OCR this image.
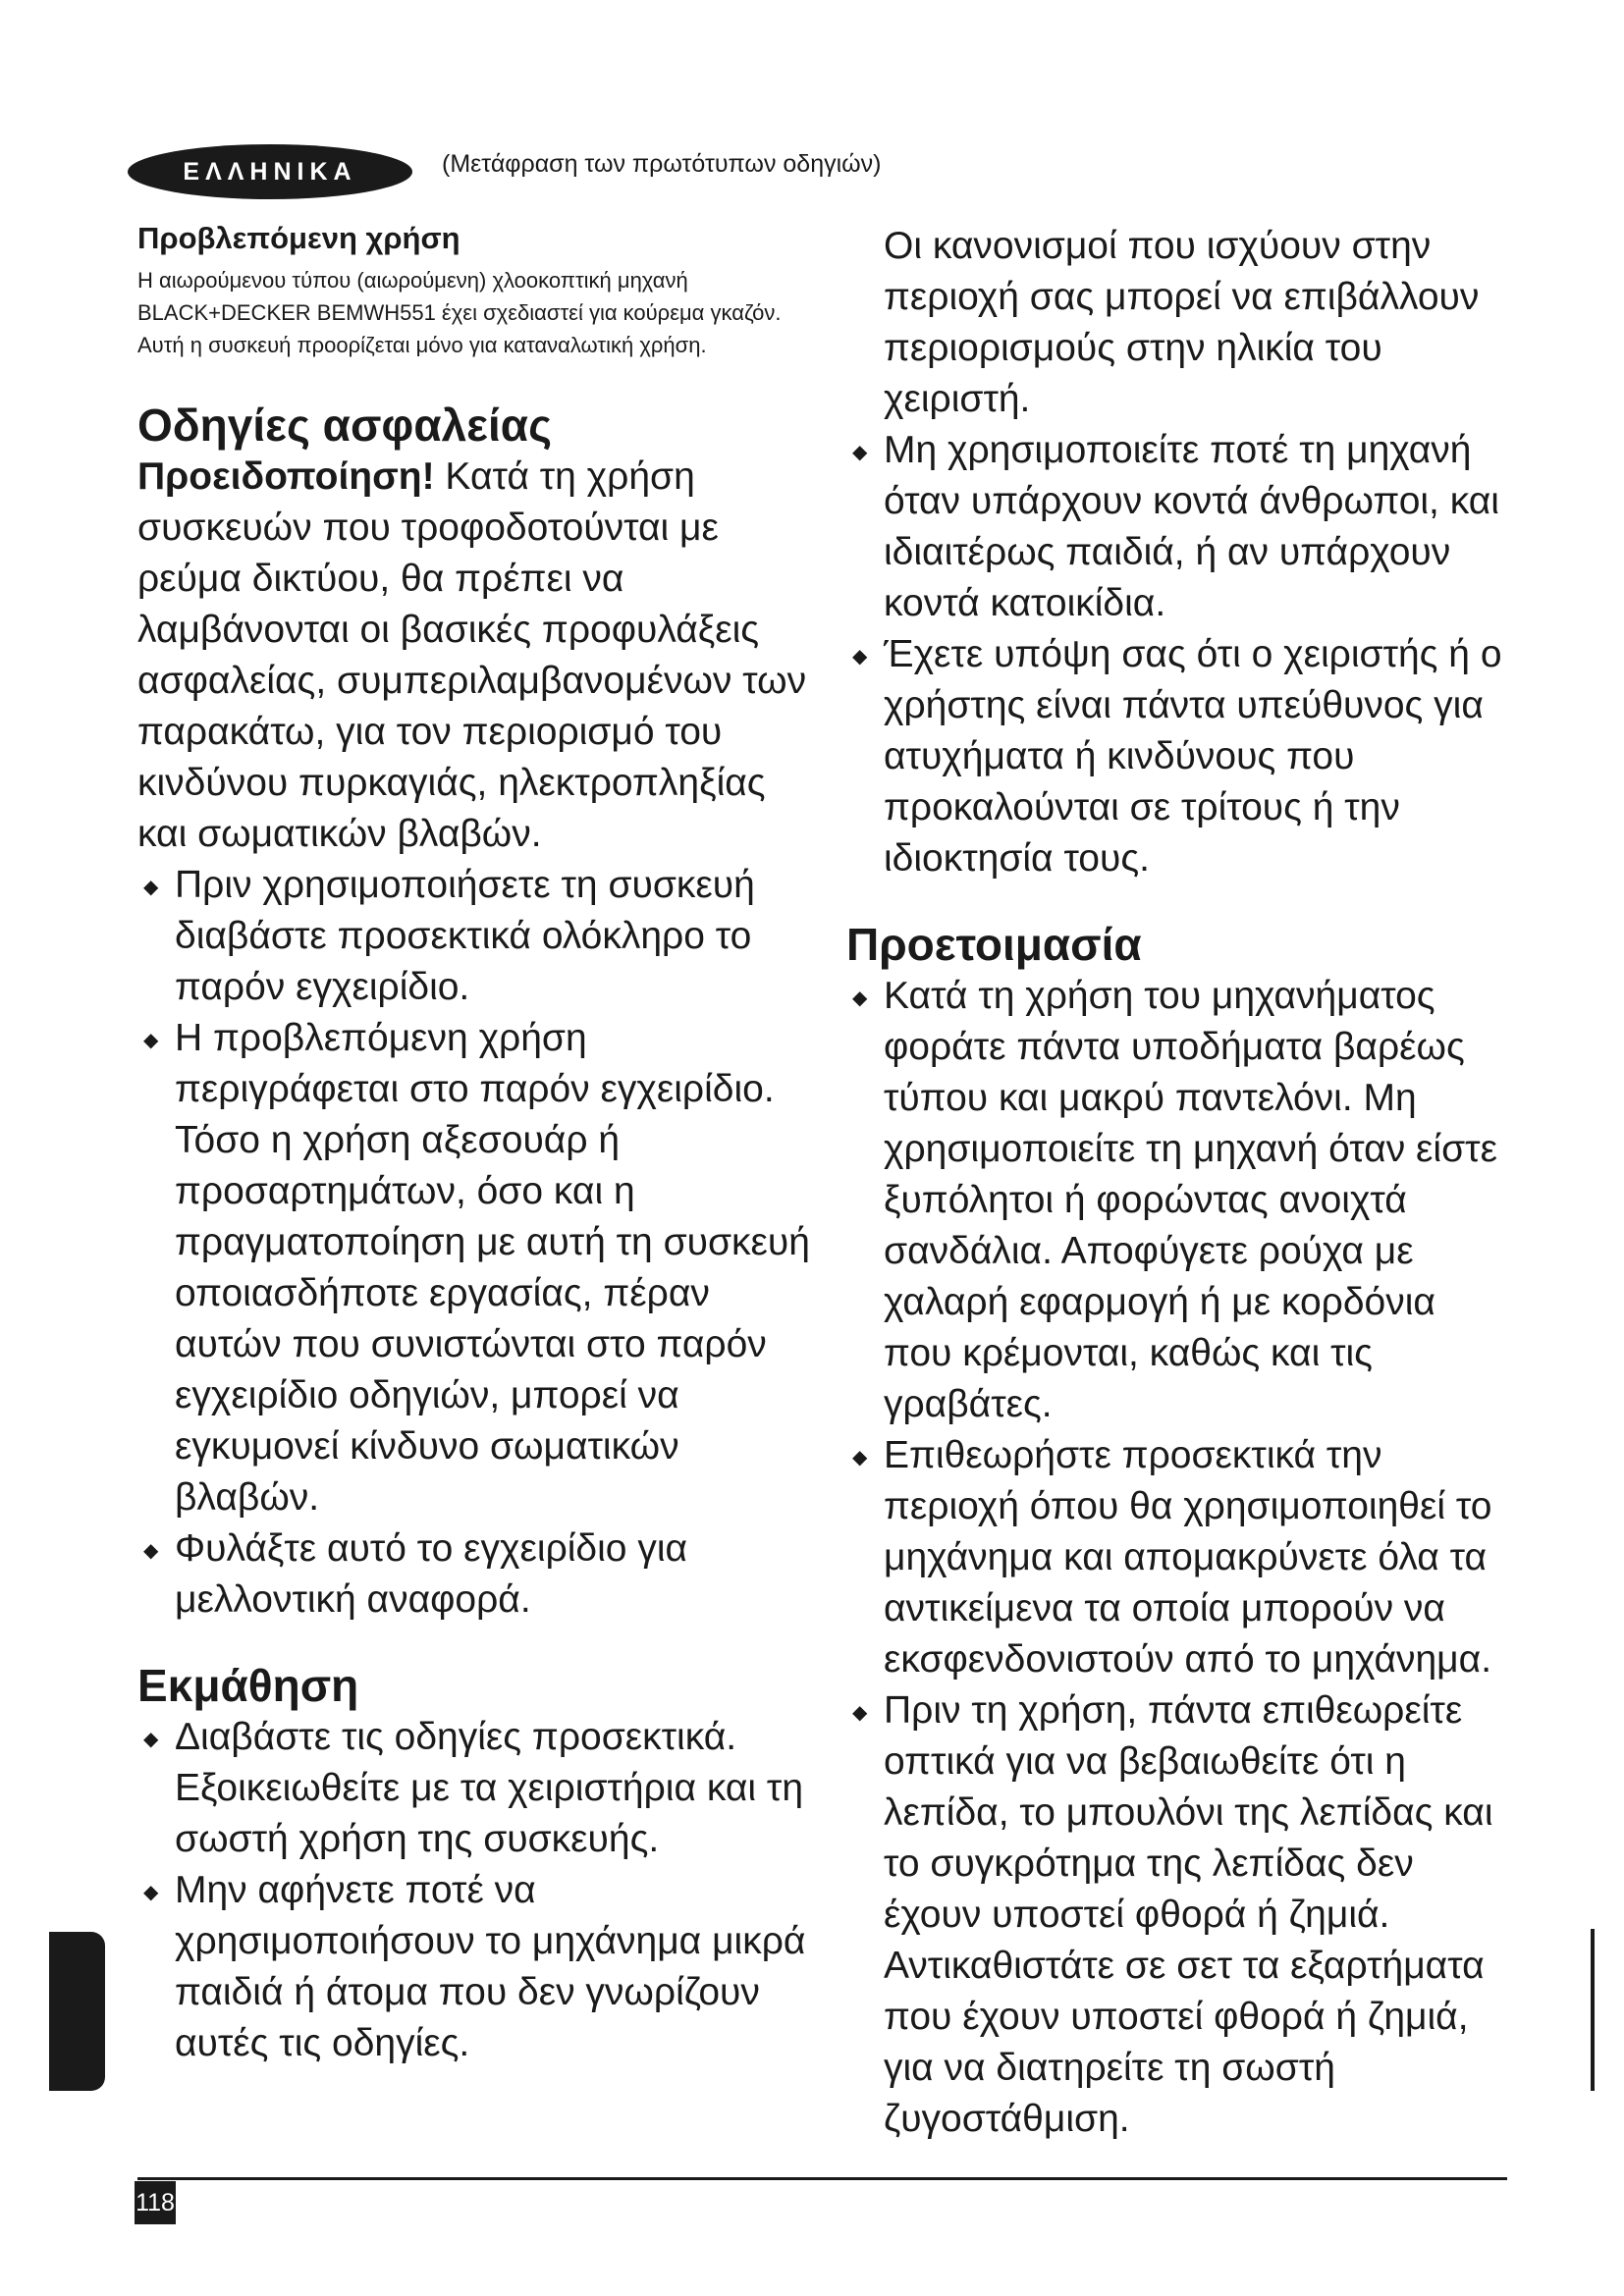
ΕΛΛΗΝΙΚΑ	(Μετάφραση των πρωτότυπων οδηγιών)
Προβλεπόμενη χρήση

Η αιωρούμενου τύπου (αιωρούμενη) χλοοκοπτική μηχανή BLACK+DECKER BEMWH551 έχει σχεδιαστεί για κούρεμα γκαζόν. Αυτή η συσκευή προορίζεται μόνο για καταναλωτική χρήση.

Οδηγίες ασφαλείας

Προειδοποίηση! Κατά τη χρήση συσκευών που τροφοδοτούνται με ρεύμα δικτύου, θα πρέπει να λαμβάνονται οι βασικές προφυλάξεις ασφαλείας, συμπεριλαμβανομένων των παρακάτω, για τον περιορισμό του κινδύνου πυρκαγιάς, ηλεκτροπληξίας και σωματικών βλαβών.

◆ Πριν χρησιμοποιήσετε τη συσκευή διαβάστε προσεκτικά ολόκληρο το παρόν εγχειρίδιο.
◆ Η προβλεπόμενη χρήση περιγράφεται στο παρόν εγχειρίδιο. Τόσο η χρήση αξεσουάρ ή προσαρτημάτων, όσο και η πραγματοποίηση με αυτή τη συσκευή οποιασδήποτε εργασίας, πέραν αυτών που συνιστώνται στο παρόν εγχειρίδιο οδηγιών, μπορεί να εγκυμονεί κίνδυνο σωματικών βλαβών.
◆ Φυλάξτε αυτό το εγχειρίδιο για μελλοντική αναφορά.
Εκμάθηση
◆ Διαβάστε τις οδηγίες προσεκτικά. Εξοικειωθείτε με τα χειριστήρια και τη σωστή χρήση της συσκευής.
◆ Μην αφήνετε ποτέ να χρησιμοποιήσουν το μηχάνημα μικρά παιδιά ή άτομα που δεν γνωρίζουν αυτές τις οδηγίες.

Οι κανονισμοί που ισχύουν στην περιοχή σας μπορεί να επιβάλλουν περιορισμούς στην ηλικία του χειριστή.

◆ Μη χρησιμοποιείτε ποτέ τη μηχανή όταν υπάρχουν κοντά άνθρωποι, και ιδιαιτέρως παιδιά, ή αν υπάρχουν κοντά κατοικίδια.
◆ Έχετε υπόψη σας ότι ο χειριστής ή ο χρήστης είναι πάντα υπεύθυνος για ατυχήματα ή κινδύνους που προκαλούνται σε τρίτους ή την ιδιοκτησία τους.
Προετοιμασία
◆ Κατά τη χρήση του μηχανήματος φοράτε πάντα υποδήματα βαρέως τύπου και μακρύ παντελόνι. Μη χρησιμοποιείτε τη μηχανή όταν είστε ξυπόλητοι ή φορώντας ανοιχτά σανδάλια. Αποφύγετε ρούχα με χαλαρή εφαρμογή ή με κορδόνια που κρέμονται, καθώς και τις γραβάτες.
◆ Επιθεωρήστε προσεκτικά την περιοχή όπου θα χρησιμοποιηθεί το μηχάνημα και απομακρύνετε όλα τα αντικείμενα τα οποία μπορούν να εκσφενδονιστούν από το μηχάνημα.
◆ Πριν τη χρήση, πάντα επιθεωρείτε οπτικά για να βεβαιωθείτε ότι η λεπίδα, το μπουλόνι της λεπίδας και το συγκρότημα της λεπίδας δεν έχουν υποστεί φθορά ή ζημιά. Αντικαθιστάτε σε σετ τα εξαρτήματα που έχουν υποστεί φθορά ή ζημιά, για να διατηρείτε τη σωστή ζυγοστάθμιση.
118
